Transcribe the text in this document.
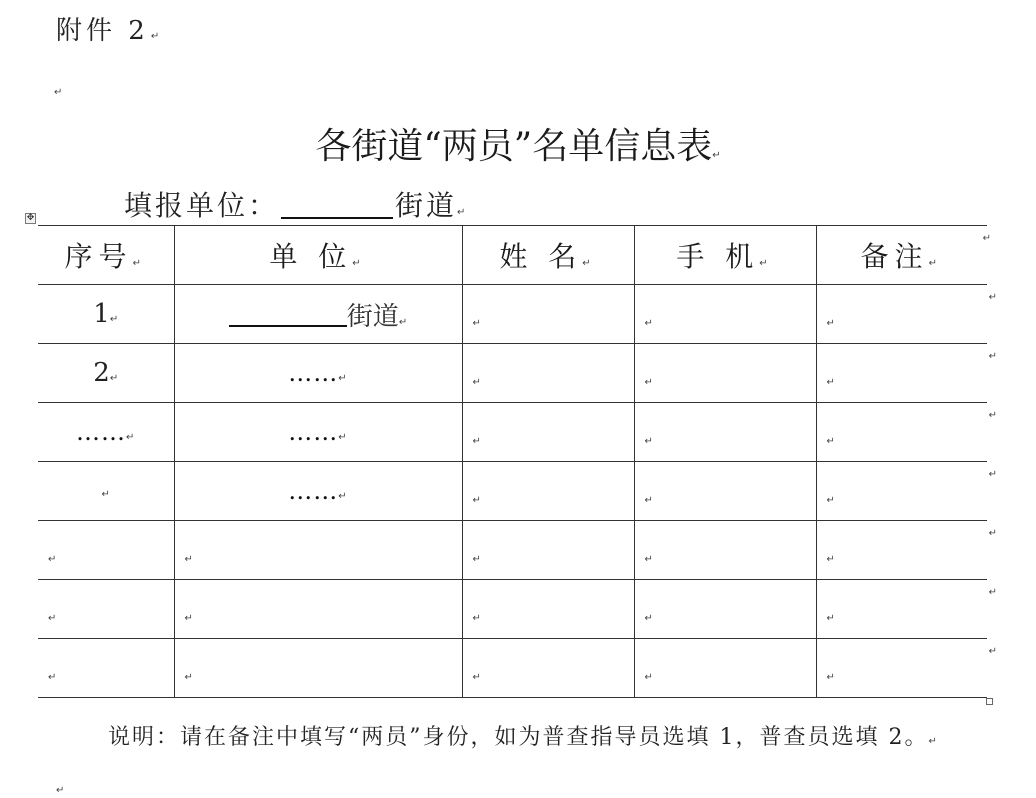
附件 2 ↵
↵
各街道“两员”名单信息表↵
填报单位：	街道↵
✥
序号↵	单 位↵	姓 名↵	手 机↵	备注↵
↵

1↵	街道↵	↵	↵	↵
↵

2↵	……↵	↵	↵	↵
↵

……↵	……↵	↵	↵	↵
↵

↵	……↵	↵	↵	↵
↵

↵	↵	↵	↵	↵
↵

↵	↵	↵	↵	↵
↵

↵	↵	↵	↵	↵
↵
说明：请在备注中填写“两员”身份，如为普查指导员选填 1，普查员选填 2。↵
↵
